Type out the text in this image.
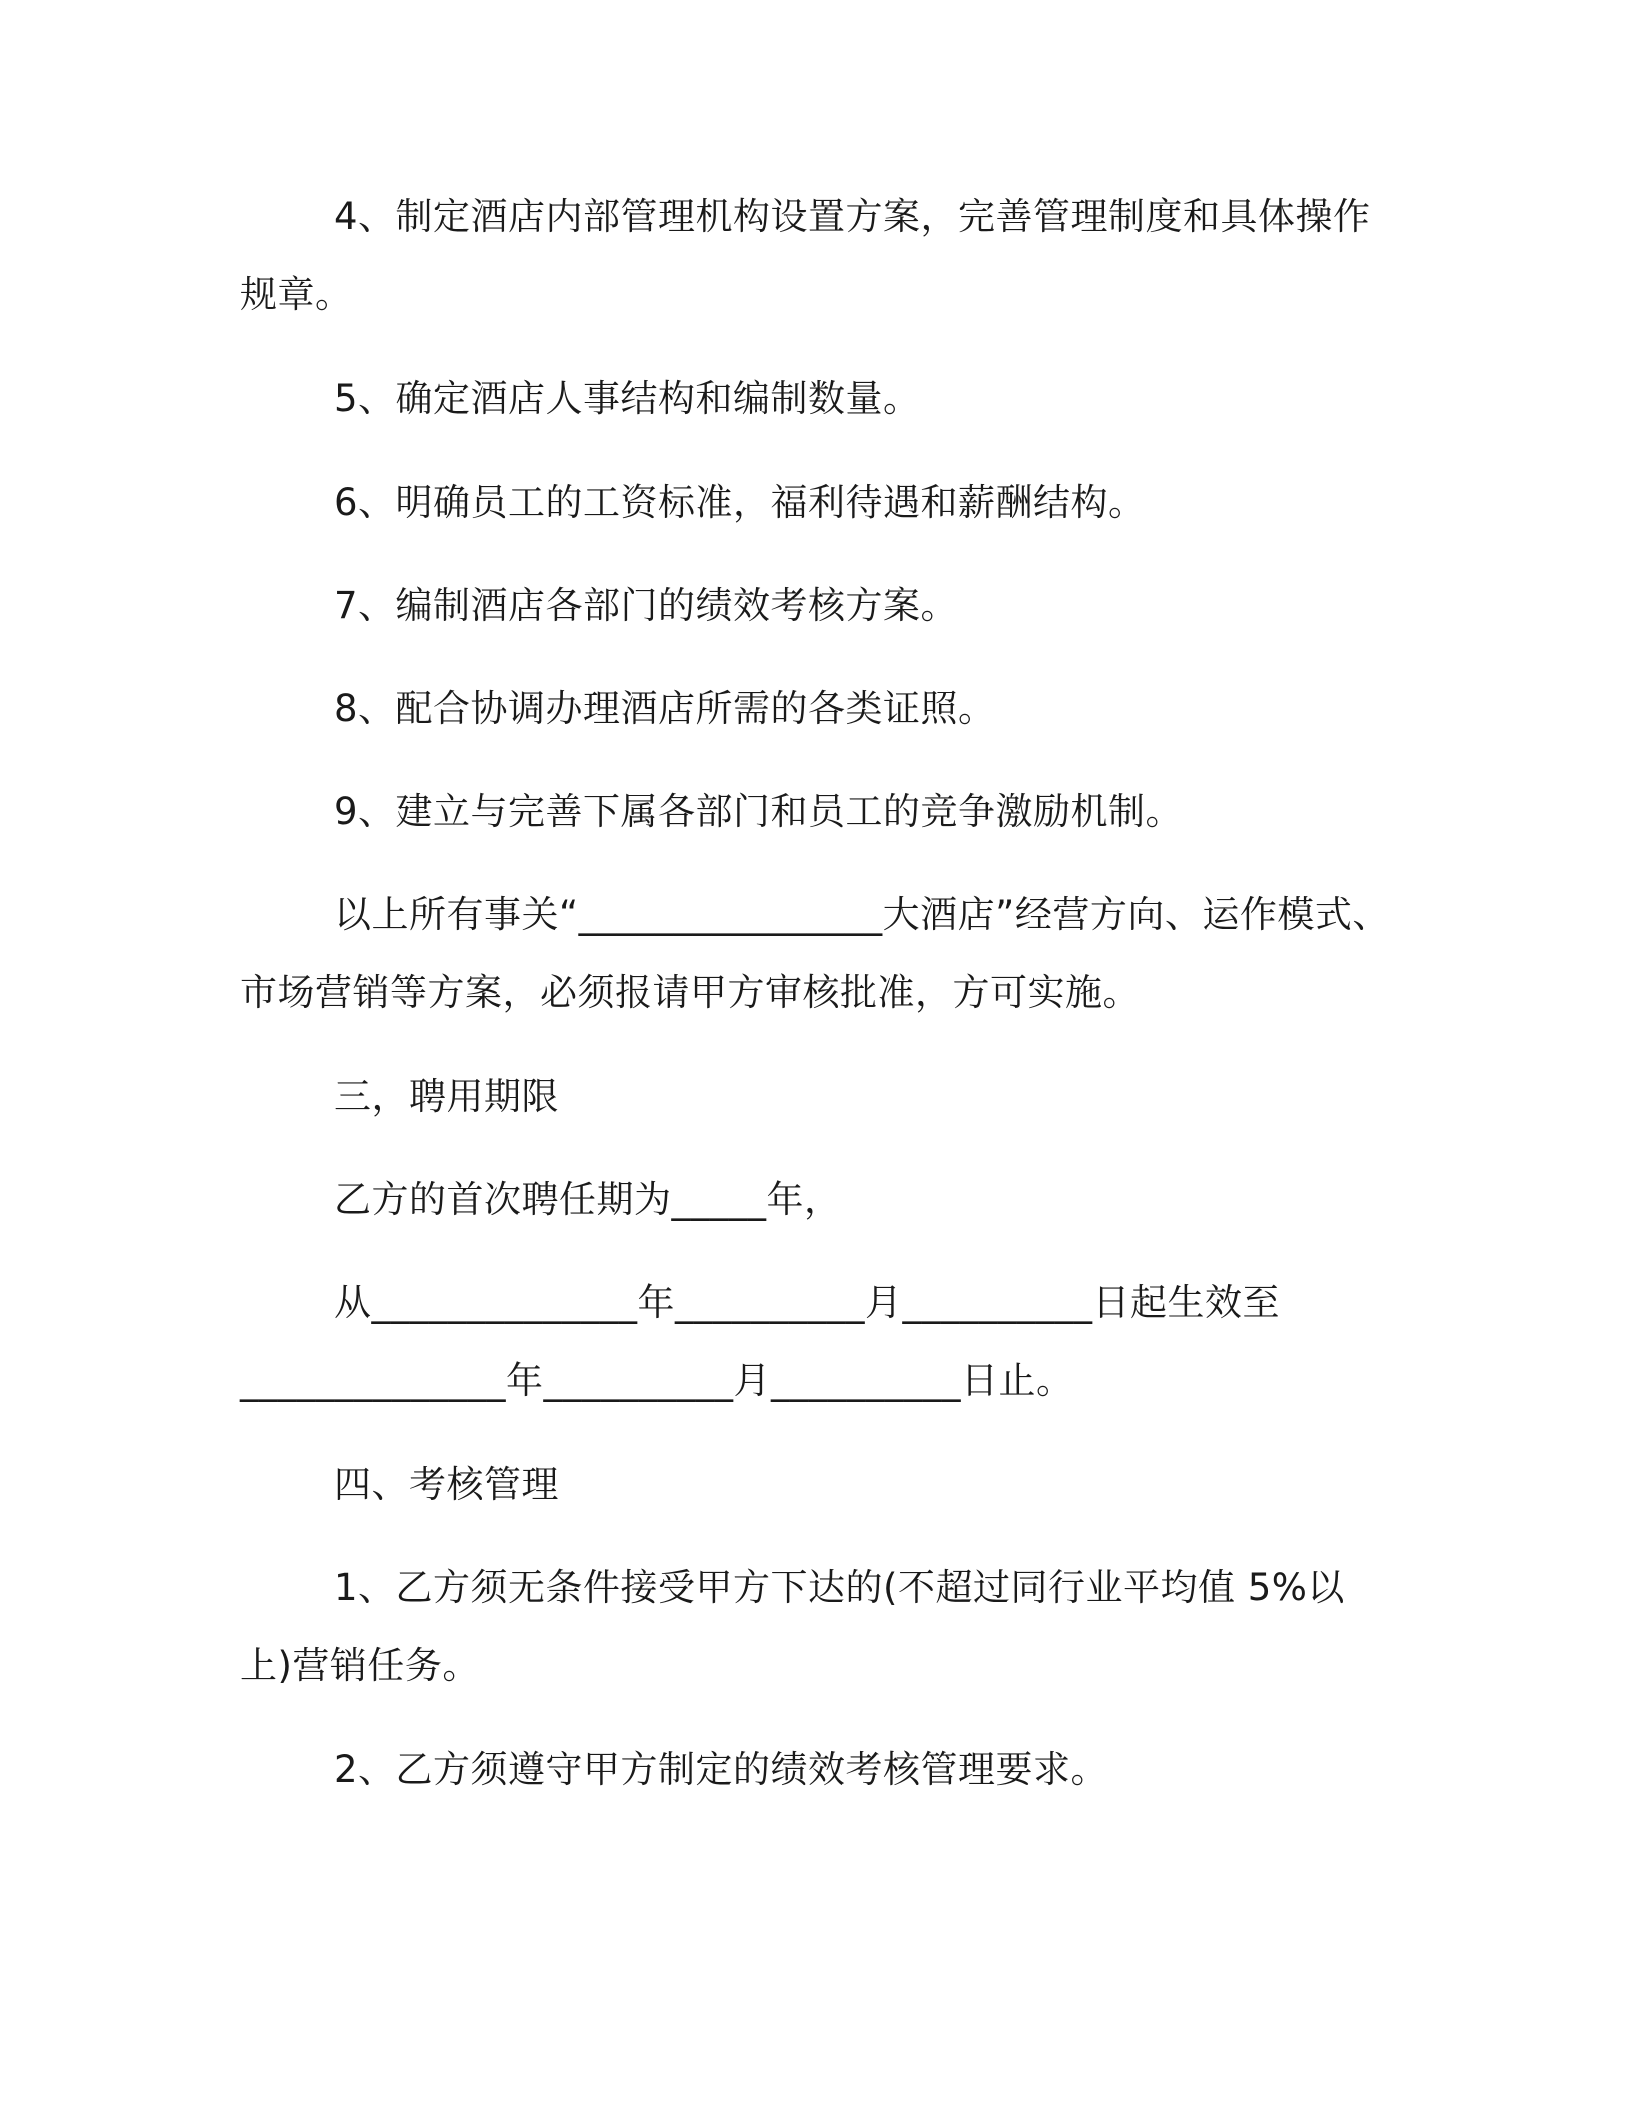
4、制定酒店内部管理机构设置方案，完善管理制度和具体操作规章。

5、确定酒店人事结构和编制数量。

6、明确员工的工资标准，福利待遇和薪酬结构。

7、编制酒店各部门的绩效考核方案。

8、配合协调办理酒店所需的各类证照。

9、建立与完善下属各部门和员工的竞争激励机制。

以上所有事关“________________大酒店”经营方向、运作模式、市场营销等方案，必须报请甲方审核批准，方可实施。

三，聘用期限

乙方的首次聘任期为_____年，

从______________年__________月__________日起生效至______________年__________月__________日止。

四、考核管理

1、乙方须无条件接受甲方下达的(不超过同行业平均值 5%以上)营销任务。

2、乙方须遵守甲方制定的绩效考核管理要求。
